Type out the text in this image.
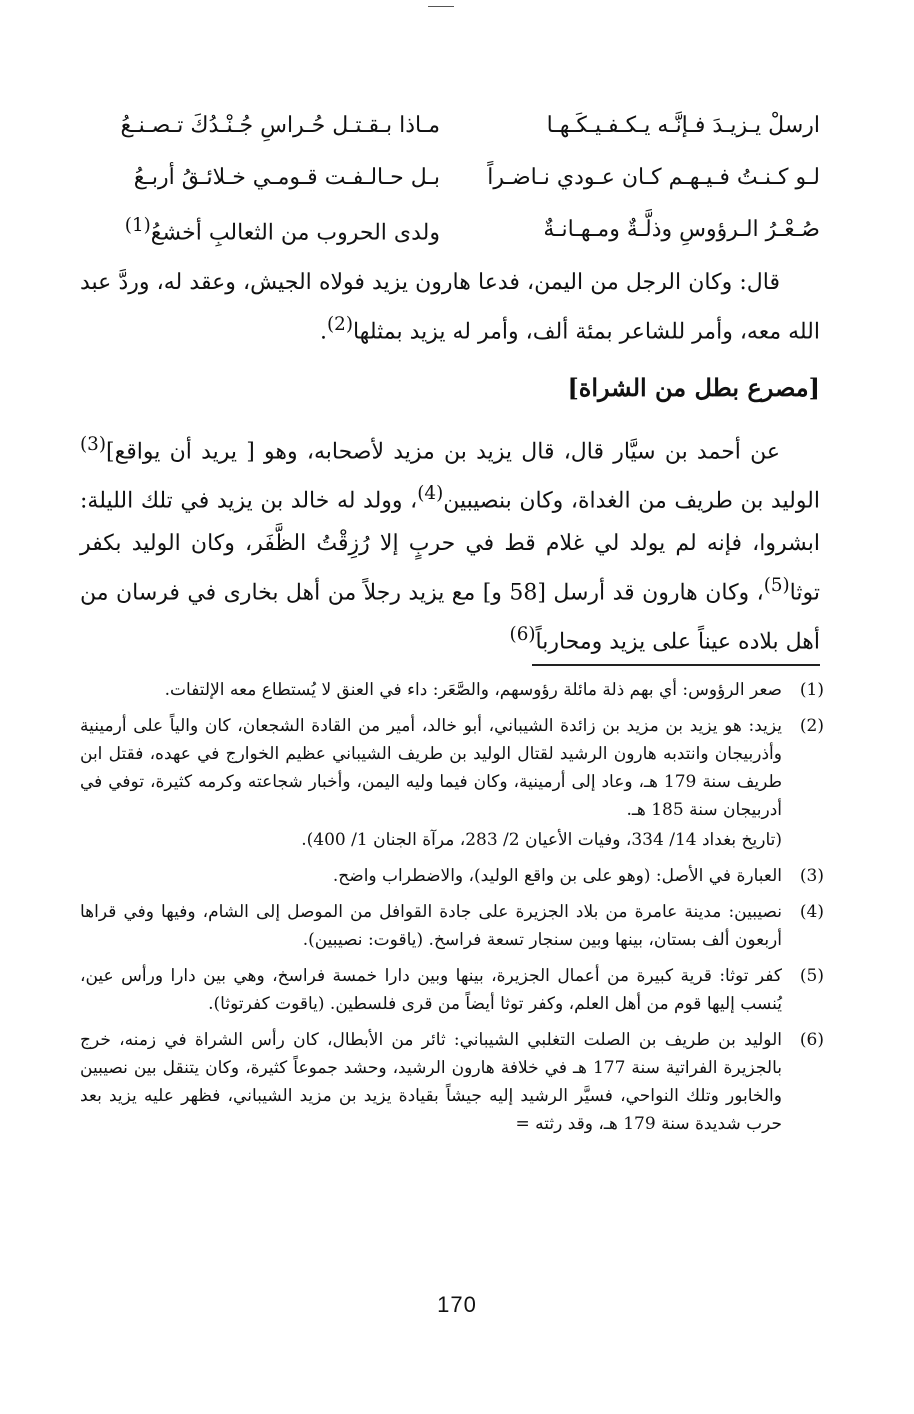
ارسلْ يـزيـدَ فـإنَّـه يـكـفـيـكَـهـا
مـاذا بـقـتـل حُـراسِ جُـنْـدُكَ تـصـنـعُ
لـو كـنـتُ فـيـهـم كـان عـودي نـاضـراً
بـل حـالـفـت قـومـي خـلائـقُ أربـعُ
صُـعْـرُ الـرؤوسِ وذلَّـةٌ ومـهـانـةٌ
ولدى الحروب من الثعالبِ أخشعُ$^{(1)}$

قال: وكان الرجل من اليمن، فدعا هارون يزيد فولاه الجيش، وعقد له، وردَّ عبد الله معه، وأمر للشاعر بمئة ألف، وأمر له يزيد بمثلها$^{(2)}$.

[مصرع بطل من الشراة]

عن أحمد بن سيَّار قال، قال يزيد بن مزيد لأصحابه، وهو [ يريد أن يواقع]$^{(3)}$ الوليد بن طريف من الغداة، وكان بنصيبين$^{(4)}$، وولد له خالد بن يزيد في تلك الليلة: ابشروا، فإنه لم يولد لي غلام قط في حربٍ إلا رُزِقْتُ الظَّفَر، وكان الوليد بكفر توثا$^{(5)}$، وكان هارون قد أرسل [58 و] مع يزيد رجلاً من أهل بخارى في فرسان من أهل بلاده عيناً على يزيد ومحارباً$^{(6)}$

(1)
صعر الرؤوس: أي بهم ذلة مائلة رؤوسهم، والصَّعَر: داء في العنق لا يُستطاع معه الإلتفات.
(2)
يزيد: هو يزيد بن مزيد بن زائدة الشيباني، أبو خالد، أمير من القادة الشجعان، كان والياً على أرمينية وأذربيجان وانتدبه هارون الرشيد لقتال الوليد بن طريف الشيباني عظيم الخوارج في عهده، فقتل ابن طريف سنة 179 هـ، وعاد إلى أرمينية، وكان فيما وليه اليمن، وأخبار شجاعته وكرمه كثيرة، توفي في أدربيجان سنة 185 هـ.
(تاريخ بغداد 14/ 334، وفيات الأعيان 2/ 283، مرآة الجنان 1/ 400).
(3)
العبارة في الأصل: (وهو على بن واقع الوليد)، والاضطراب واضح.
(4)
نصيبين: مدينة عامرة من بلاد الجزيرة على جادة القوافل من الموصل إلى الشام، وفيها وفي قراها أربعون ألف بستان، بينها وبين سنجار تسعة فراسخ. (ياقوت: نصيبين).
(5)
كفر توثا: قرية كبيرة من أعمال الجزيرة، بينها وبين دارا خمسة فراسخ، وهي بين دارا ورأس عين، يُنسب إليها قوم من أهل العلم، وكفر توثا أيضاً من قرى فلسطين. (ياقوت كفرتوثا).
(6)
الوليد بن طريف بن الصلت التغلبي الشيباني: ثائر من الأبطال، كان رأس الشراة في زمنه، خرج بالجزيرة الفراتية سنة 177 هـ في خلافة هارون الرشيد، وحشد جموعاً كثيرة، وكان يتنقل بين نصيبين والخابور وتلك النواحي، فسيَّر الرشيد إليه جيشاً بقيادة يزيد بن مزيد الشيباني، فظهر عليه يزيد بعد حرب شديدة سنة 179 هـ، وقد رثته =
170
